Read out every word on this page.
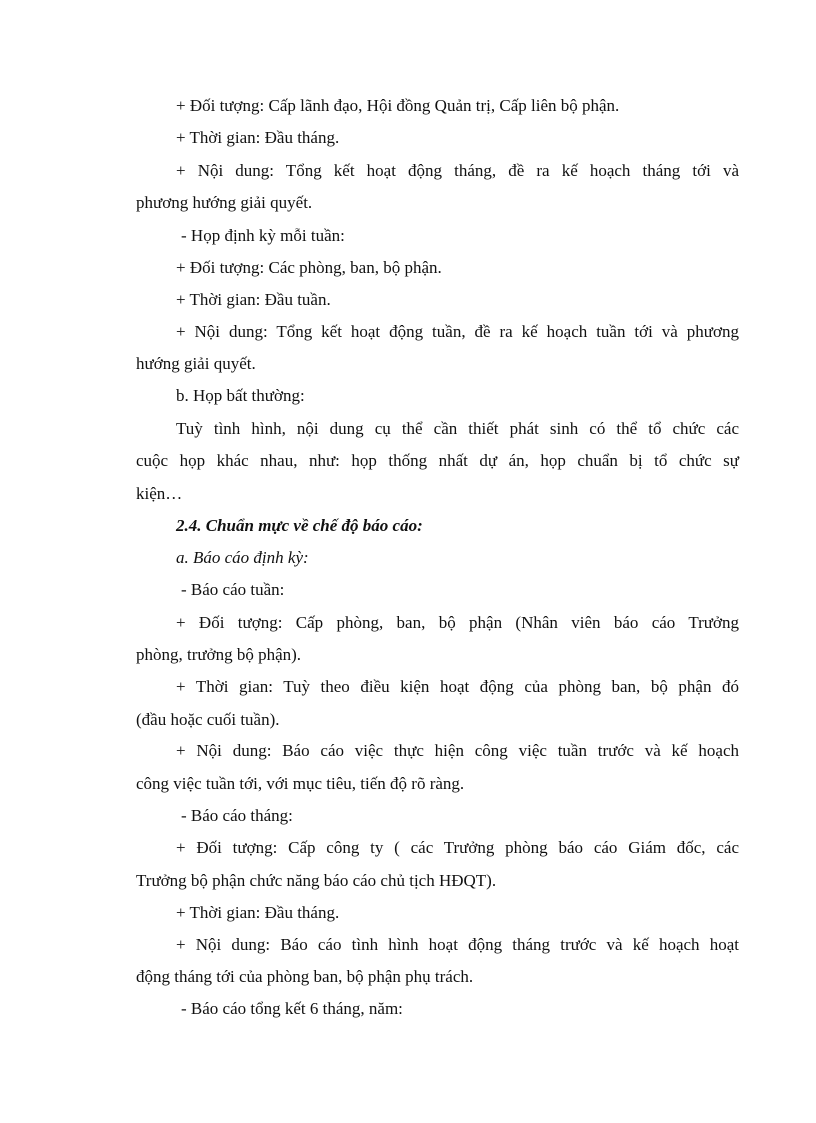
+ Đối tượng: Cấp lãnh đạo, Hội đồng Quản trị, Cấp liên bộ phận.
+ Thời gian: Đầu tháng.
+ Nội dung: Tổng kết hoạt động tháng, đề ra kế hoạch tháng tới và
phương hướng giải quyết.
- Họp định kỳ mỗi tuần:
+ Đối tượng: Các phòng, ban, bộ phận.
+ Thời gian: Đầu tuần.
+ Nội dung: Tổng kết hoạt động tuần, đề ra kế hoạch tuần tới và phương
hướng giải quyết.
b. Họp bất thường:
Tuỳ tình hình, nội dung cụ thể cần thiết phát sinh có thể tổ chức các
cuộc họp khác nhau, như: họp thống nhất dự án, họp chuẩn bị tổ chức sự
kiện…
2.4. Chuẩn mực về chế độ báo cáo:
a. Báo cáo định kỳ:
- Báo cáo tuần:
+ Đối tượng: Cấp phòng, ban, bộ phận (Nhân viên báo cáo Trưởng
phòng, trưởng bộ phận).
+ Thời gian: Tuỳ theo điều kiện hoạt động của phòng ban, bộ phận đó
(đầu hoặc cuối tuần).
+ Nội dung: Báo cáo việc thực hiện công việc tuần trước và kế hoạch
công việc tuần tới, với mục tiêu, tiến độ rõ ràng.
- Báo cáo tháng:
+ Đối tượng: Cấp công ty ( các Trưởng phòng báo cáo Giám đốc, các
Trưởng bộ phận chức năng báo cáo chủ tịch HĐQT).
+ Thời gian: Đầu tháng.
+ Nội dung: Báo cáo tình hình hoạt động tháng trước và kế hoạch hoạt
động tháng tới của phòng ban, bộ phận phụ trách.
- Báo cáo tổng kết 6 tháng, năm:
